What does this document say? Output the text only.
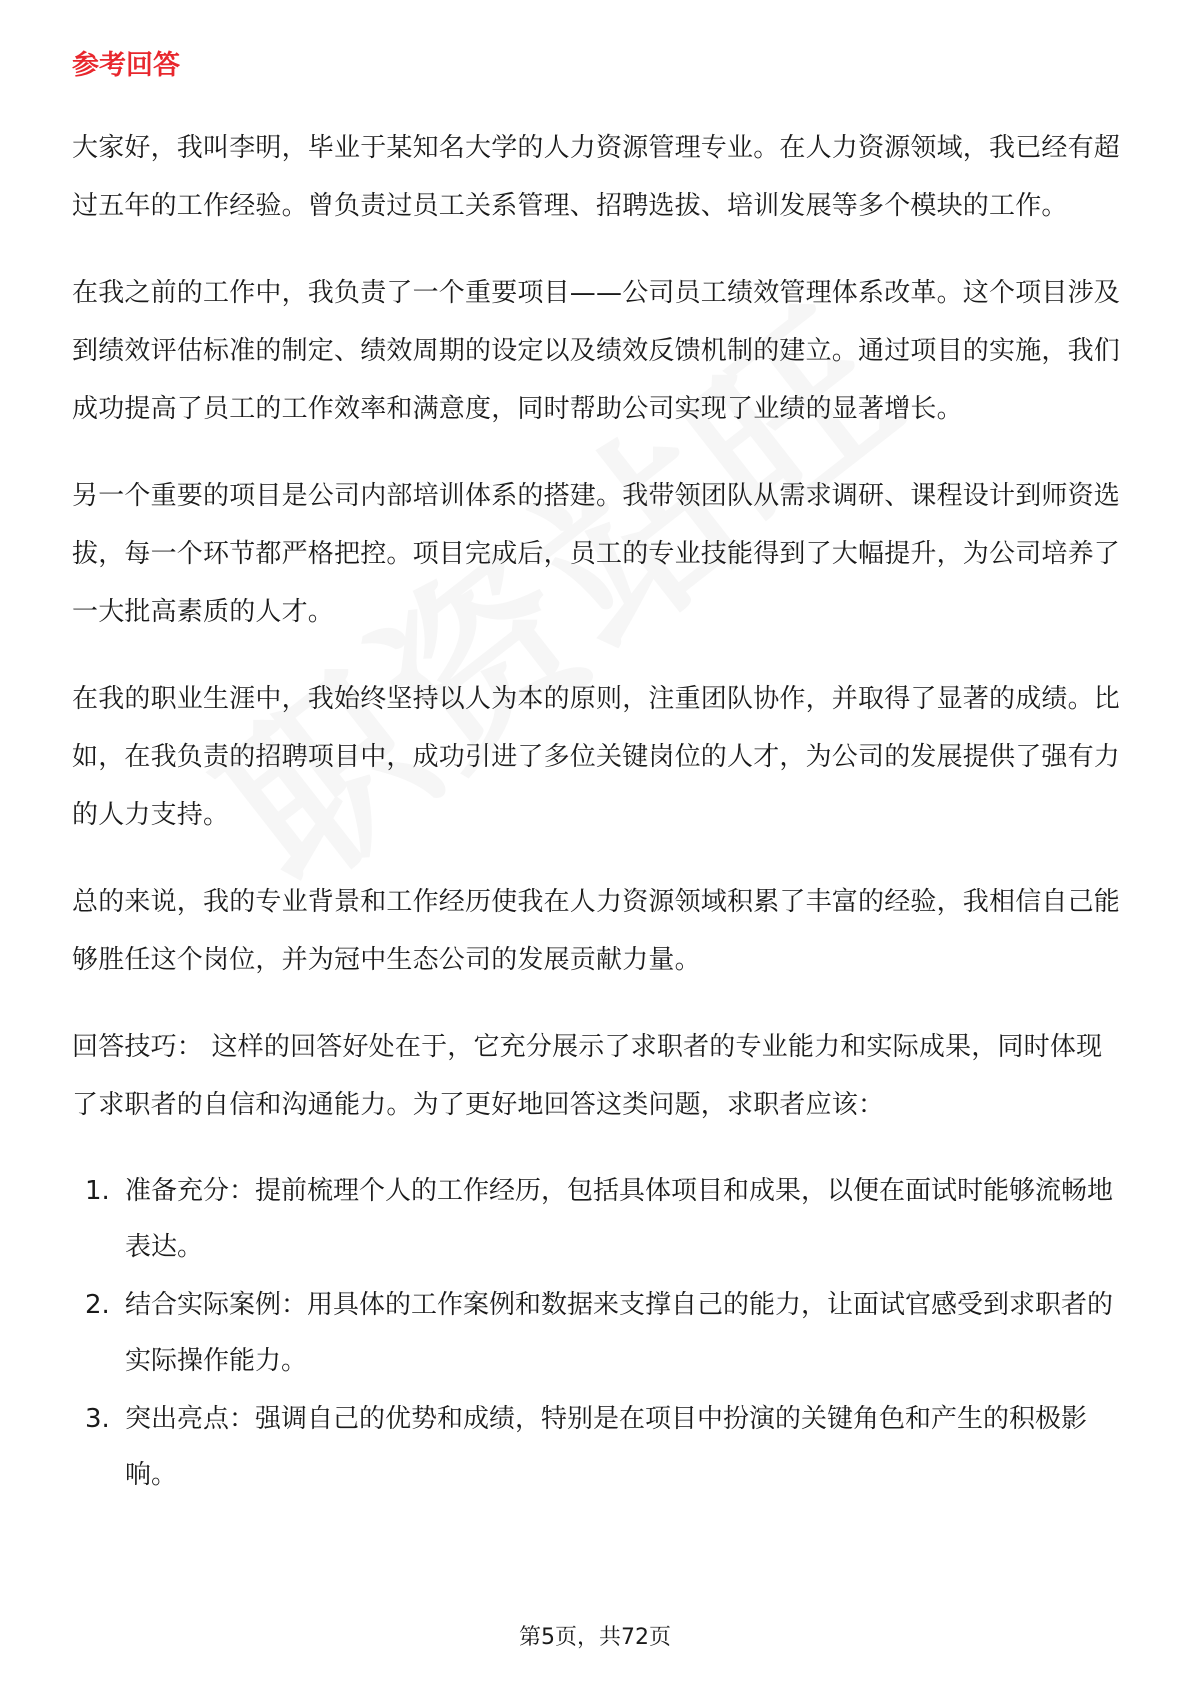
参考回答

大家好，我叫李明，毕业于某知名大学的人力资源管理专业。在人力资源领域，我已经有超过五年的工作经验。曾负责过员工关系管理、招聘选拔、培训发展等多个模块的工作。

在我之前的工作中，我负责了一个重要项目——公司员工绩效管理体系改革。这个项目涉及到绩效评估标准的制定、绩效周期的设定以及绩效反馈机制的建立。通过项目的实施，我们成功提高了员工的工作效率和满意度，同时帮助公司实现了业绩的显著增长。

另一个重要的项目是公司内部培训体系的搭建。我带领团队从需求调研、课程设计到师资选拔，每一个环节都严格把控。项目完成后，员工的专业技能得到了大幅提升，为公司培养了一大批高素质的人才。

在我的职业生涯中，我始终坚持以人为本的原则，注重团队协作，并取得了显著的成绩。比如，在我负责的招聘项目中，成功引进了多位关键岗位的人才，为公司的发展提供了强有力的人力支持。

总的来说，我的专业背景和工作经历使我在人力资源领域积累了丰富的经验，我相信自己能够胜任这个岗位，并为冠中生态公司的发展贡献力量。

回答技巧： 这样的回答好处在于，它充分展示了求职者的专业能力和实际成果，同时体现了求职者的自信和沟通能力。为了更好地回答这类问题，求职者应该：

1. 准备充分：提前梳理个人的工作经历，包括具体项目和成果，以便在面试时能够流畅地表达。
2. 结合实际案例：用具体的工作案例和数据来支撑自己的能力，让面试官感受到求职者的实际操作能力。
3. 突出亮点：强调自己的优势和成绩，特别是在项目中扮演的关键角色和产生的积极影响。
第5页，共72页
